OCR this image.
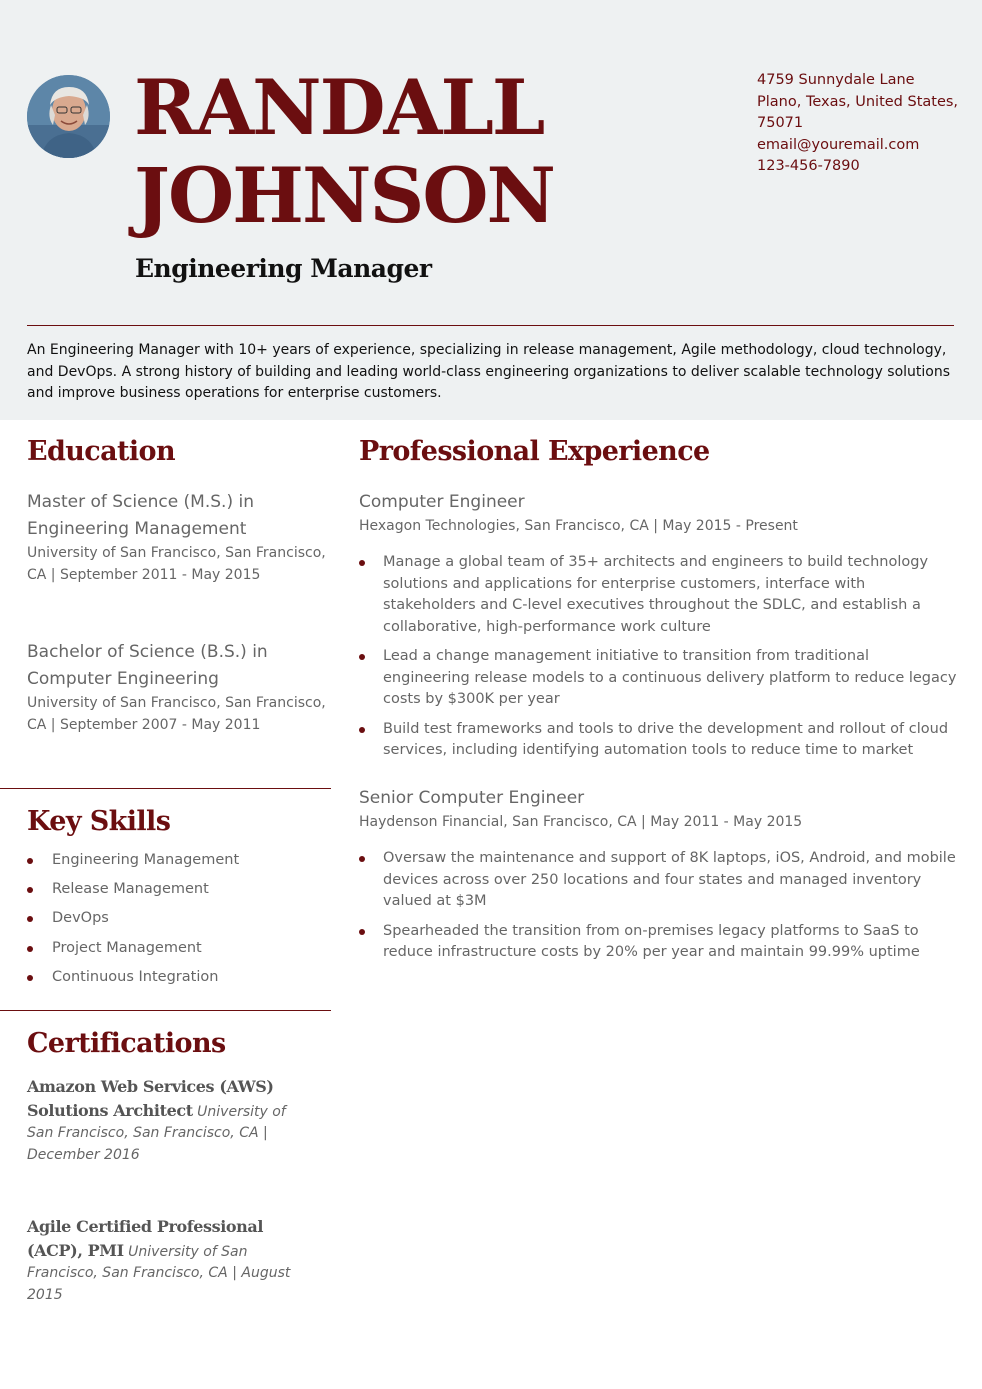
RANDALL
JOHNSON
Engineering Manager
4759 Sunnydale Lane
Plano, Texas, United States,
75071
email@youremail.com
123-456-7890

An Engineering Manager with 10+ years of experience, specializing in release management, Agile methodology, cloud technology, and DevOps. A strong history of building and leading world-class engineering organizations to deliver scalable technology solutions and improve business operations for enterprise customers.

Education
Master of Science (M.S.) in Engineering Management
University of San Francisco, San Francisco, CA | September 2011 - May 2015
Bachelor of Science (B.S.) in Computer Engineering
University of San Francisco, San Francisco, CA | September 2007 - May 2011
Key Skills
Engineering Management
Release Management
DevOps
Project Management
Continuous Integration
Certifications
Amazon Web Services (AWS) Solutions Architect University of San Francisco, San Francisco, CA | December 2016
Agile Certified Professional (ACP), PMI University of San Francisco, San Francisco, CA | August 2015
Professional Experience
Computer Engineer
Hexagon Technologies, San Francisco, CA | May 2015 - Present
Manage a global team of 35+ architects and engineers to build technology solutions and applications for enterprise customers, interface with stakeholders and C-level executives throughout the SDLC, and establish a collaborative, high-performance work culture
Lead a change management initiative to transition from traditional engineering release models to a continuous delivery platform to reduce legacy costs by $300K per year
Build test frameworks and tools to drive the development and rollout of cloud services, including identifying automation tools to reduce time to market
Senior Computer Engineer
Haydenson Financial, San Francisco, CA | May 2011 - May 2015
Oversaw the maintenance and support of 8K laptops, iOS, Android, and mobile devices across over 250 locations and four states and managed inventory valued at $3M
Spearheaded the transition from on-premises legacy platforms to SaaS to reduce infrastructure costs by 20% per year and maintain 99.99% uptime
